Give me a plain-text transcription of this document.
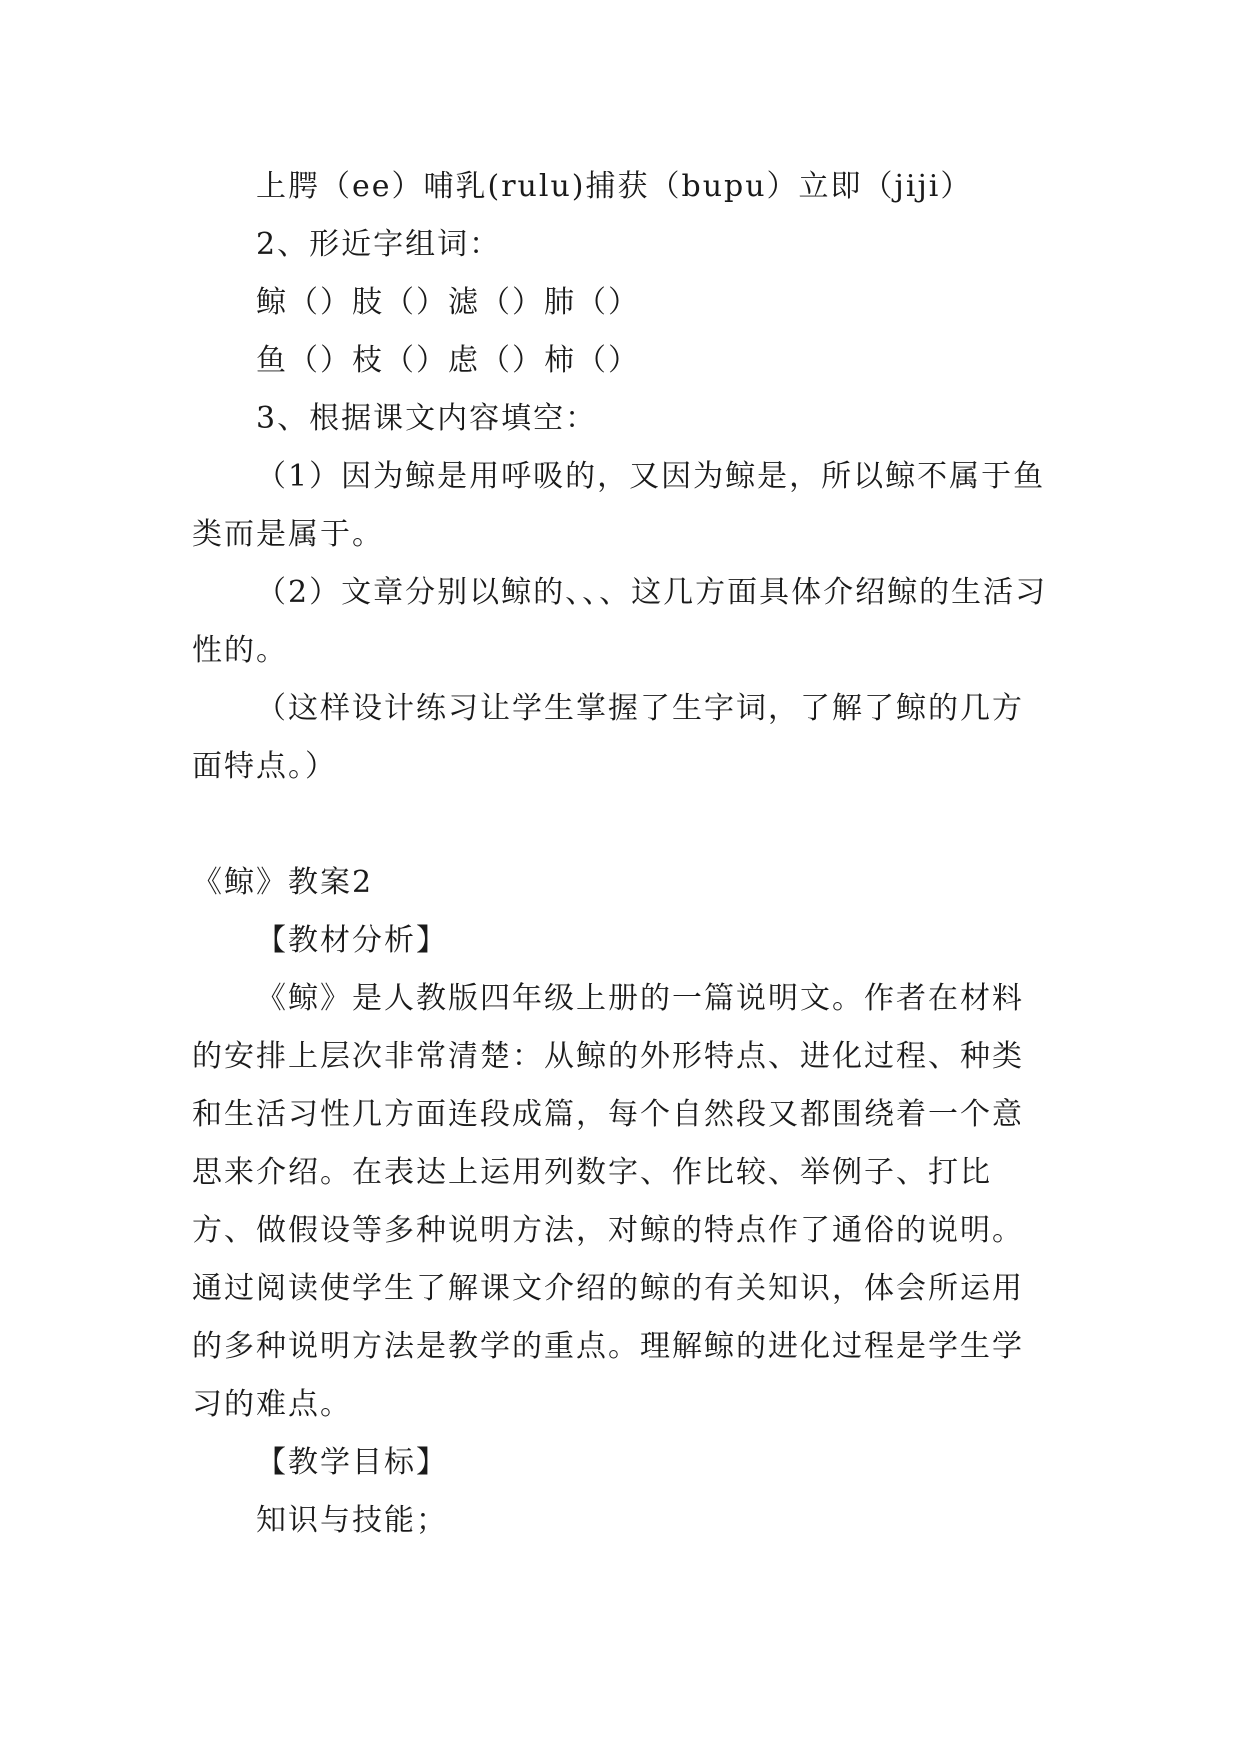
上腭（ee）哺乳(rulu)捕获（bupu）立即（jiji）

2、形近字组词：

鲸（）肢（）滤（）肺（）

鱼（）枝（）虑（）柿（）

3、根据课文内容填空：

（1）因为鲸是用呼吸的，又因为鲸是，所以鲸不属于鱼类而是属于。

（2）文章分别以鲸的、、、这几方面具体介绍鲸的生活习性的。

（这样设计练习让学生掌握了生字词，了解了鲸的几方面特点。）

《鲸》教案2

【教材分析】

《鲸》是人教版四年级上册的一篇说明文。作者在材料的安排上层次非常清楚：从鲸的外形特点、进化过程、种类和生活习性几方面连段成篇，每个自然段又都围绕着一个意思来介绍。在表达上运用列数字、作比较、举例子、打比方、做假设等多种说明方法，对鲸的特点作了通俗的说明。通过阅读使学生了解课文介绍的鲸的有关知识，体会所运用的多种说明方法是教学的重点。理解鲸的进化过程是学生学习的难点。

【教学目标】

知识与技能；
